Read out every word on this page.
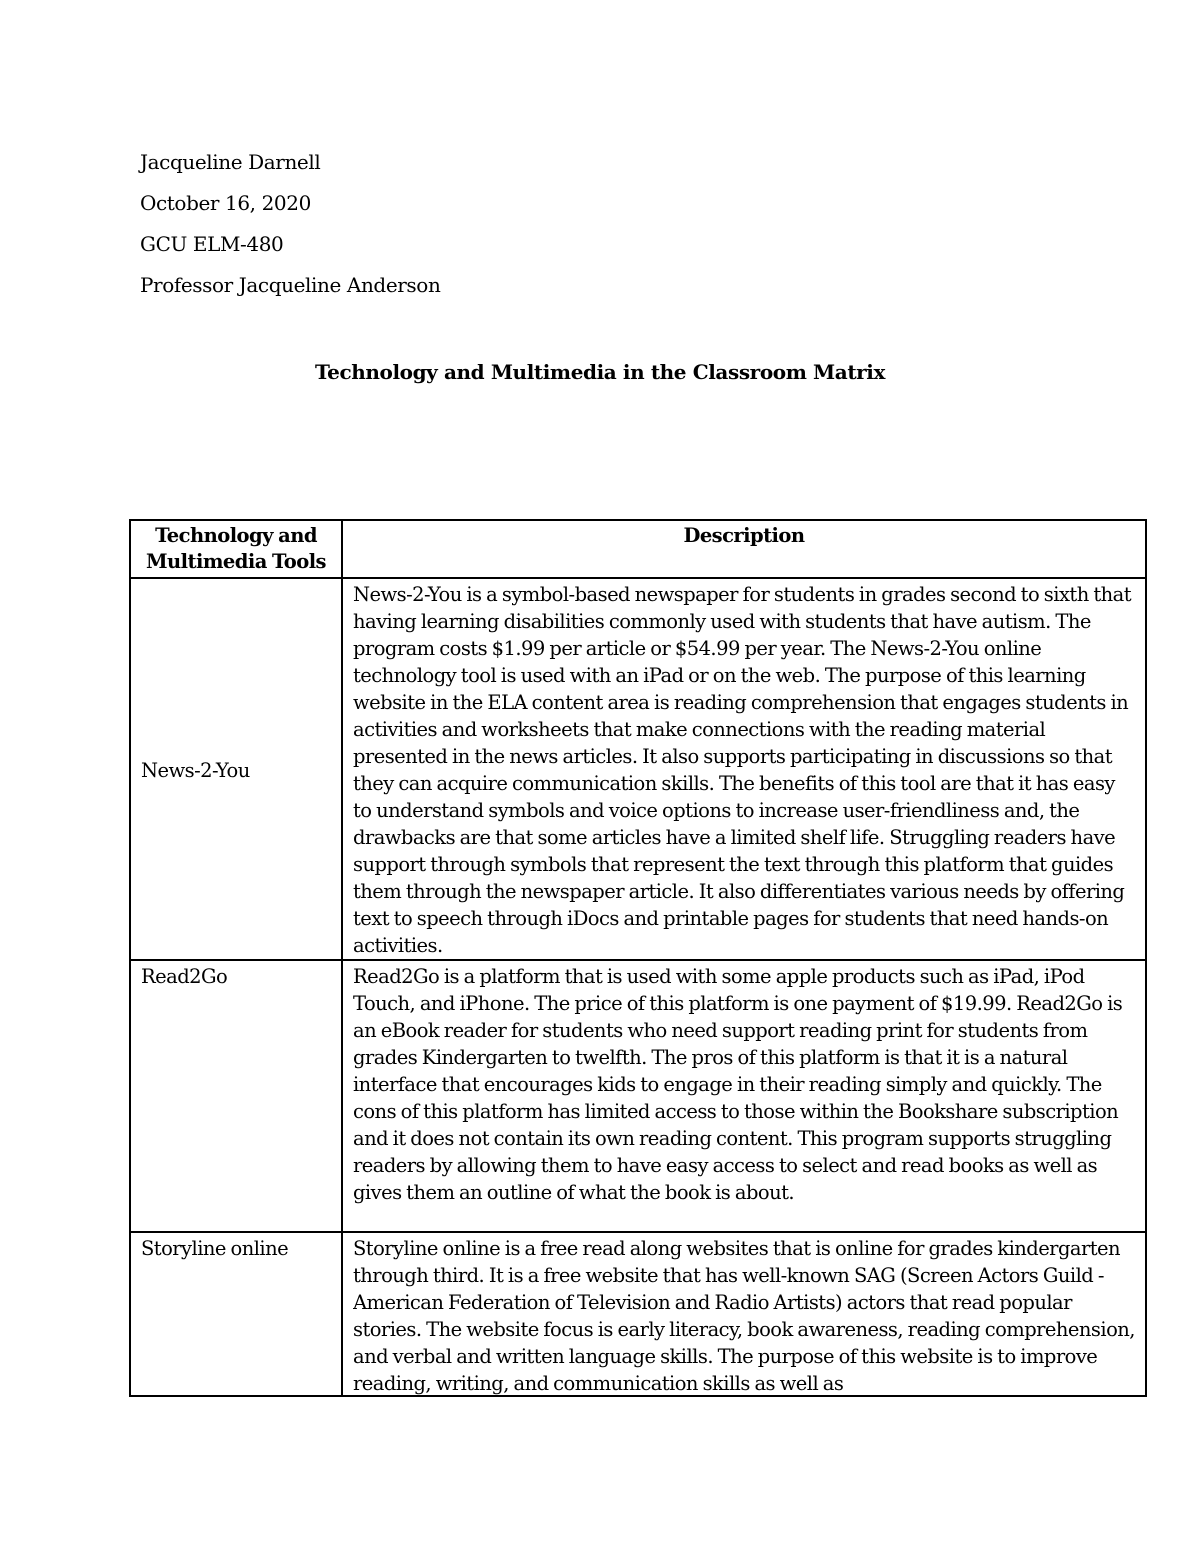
Jacqueline Darnell
October 16, 2020
GCU ELM-480
Professor Jacqueline Anderson
Technology and Multimedia in the Classroom Matrix
Technology and Multimedia Tools	Description
News-2-You	News-2-You is a symbol-based newspaper for students in grades second to sixth that having learning disabilities commonly used with students that have autism. The program costs $1.99 per article or $54.99 per year. The News-2-You online technology tool is used with an iPad or on the web. The purpose of this learning website in the ELA content area is reading comprehension that engages students in activities and worksheets that make connections with the reading material presented in the news articles. It also supports participating in discussions so that they can acquire communication skills. The benefits of this tool are that it has easy to understand symbols and voice options to increase user-friendliness and, the drawbacks are that some articles have a limited shelf life. Struggling readers have support through symbols that represent the text through this platform that guides them through the newspaper article. It also differentiates various needs by offering text to speech through iDocs and printable pages for students that need hands-on activities.
Read2Go	Read2Go is a platform that is used with some apple products such as iPad, iPod Touch, and iPhone. The price of this platform is one payment of $19.99. Read2Go is an eBook reader for students who need support reading print for students from grades Kindergarten to twelfth. The pros of this platform is that it is a natural interface that encourages kids to engage in their reading simply and quickly. The cons of this platform has limited access to those within the Bookshare subscription and it does not contain its own reading content. This program supports struggling readers by allowing them to have easy access to select and read books as well as gives them an outline of what the book is about.
Storyline online	Storyline online is a free read along websites that is online for grades kindergarten through third. It is a free website that has well-known SAG (Screen Actors Guild - American Federation of Television and Radio Artists) actors that read popular stories. The website focus is early literacy, book awareness, reading comprehension, and verbal and written language skills. The purpose of this website is to improve reading, writing, and communication skills as well as
